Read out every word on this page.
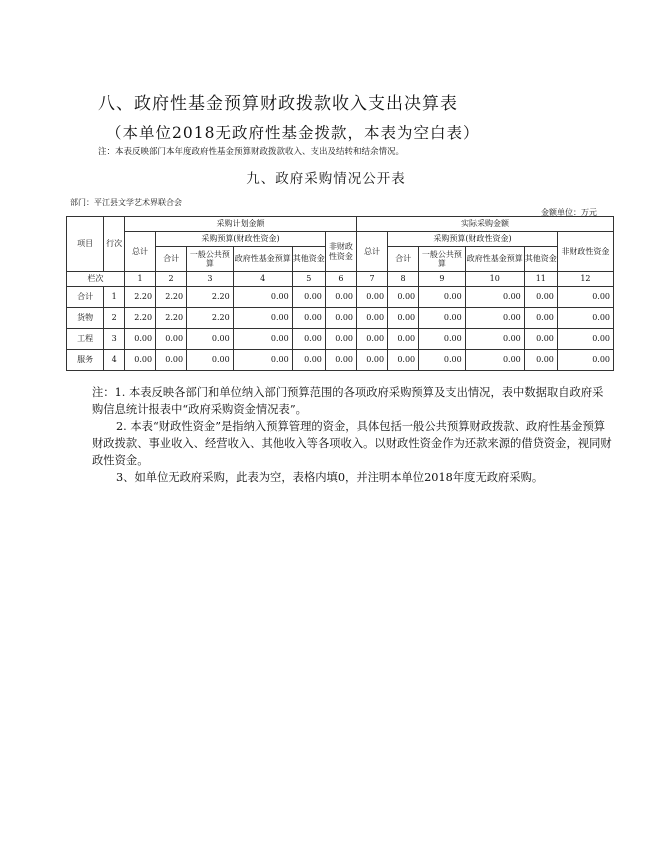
八、政府性基金预算财政拨款收入支出决算表
（本单位2018无政府性基金拨款，本表为空白表）
注：本表反映部门本年度政府性基金预算财政拨款收入、支出及结转和结余情况。
九、政府采购情况公开表
部门：平江县文学艺术界联合会
金额单位：万元
项目	行次	采购计划金额						实际采购金额					
		总计	采购预算(财政性资金)				非财政性资金	总计	采购预算(财政性资金)				非财政性资金
			合计	一般公共预算	政府性基金预算	其他资金			合计	一般公共预算	政府性基金预算	其他资金	
栏次		1	2	3	4	5	6	7	8	9	10	11	12
合计	1	2.20	2.20	2.20	0.00	0.00	0.00	0.00	0.00	0.00	0.00	0.00	0.00
货物	2	2.20	2.20	2.20	0.00	0.00	0.00	0.00	0.00	0.00	0.00	0.00	0.00
工程	3	0.00	0.00	0.00	0.00	0.00	0.00	0.00	0.00	0.00	0.00	0.00	0.00
服务	4	0.00	0.00	0.00	0.00	0.00	0.00	0.00	0.00	0.00	0.00	0.00	0.00

注：1. 本表反映各部门和单位纳入部门预算范围的各项政府采购预算及支出情况，表中数据取自政府采购信息统计报表中“政府采购资金情况表”。

2. 本表“财政性资金”是指纳入预算管理的资金，具体包括一般公共预算财政拨款、政府性基金预算财政拨款、事业收入、经营收入、其他收入等各项收入。以财政性资金作为还款来源的借贷资金，视同财政性资金。

3、如单位无政府采购，此表为空，表格内填0，并注明本单位2018年度无政府采购。
